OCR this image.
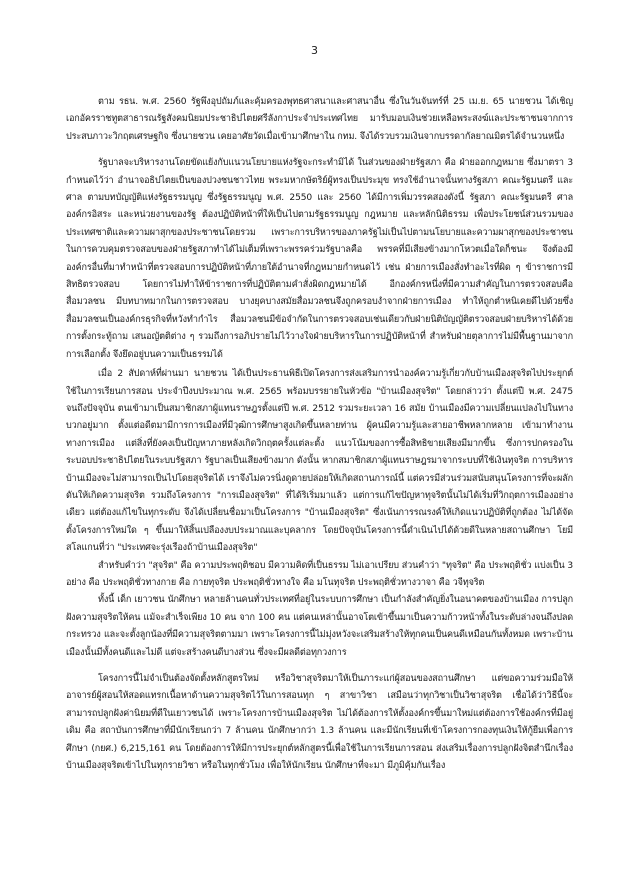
3

ตาม รธน. พ.ศ. 2560 รัฐพึงอุปถัมภ์และคุ้มครองพุทธศาสนาและศาสนาอื่น ซึ่งในวันจันทร์ที่ 25 เม.ย. 65 นายชวน ได้เชิญเอกอัครราชทูตสาธารณรัฐสังคมนิยมประชาธิปไตยศรีลังกาประจำประเทศไทย มารับมอบเงินช่วยเหลือพระสงฆ์และประชาชนจากการประสบภาวะวิกฤตเศรษฐกิจ ซึ่งนายชวน เคยอาศัยวัดเมื่อเข้ามาศึกษาใน กทม. จึงได้รวบรวมเงินจากบรรดากัลยาณมิตรได้จำนวนหนึ่ง

รัฐบาลจะบริหารงานโดยขัดแย้งกับแนวนโยบายแห่งรัฐจะกระทำมิได้ ในส่วนของฝ่ายรัฐสภา คือ ฝ่ายออกกฎหมาย ซึ่งมาตรา 3 กำหนดไว้ว่า อำนาจอธิปไตยเป็นของปวงชนชาวไทย พระมหากษัตริย์ผู้ทรงเป็นประมุข ทรงใช้อำนาจนั้นทางรัฐสภา คณะรัฐมนตรี และศาล ตามบทบัญญัติแห่งรัฐธรรมนูญ ซึ่งรัฐธรรมนูญ พ.ศ. 2550 และ 2560 ได้มีการเพิ่มวรรคสองดังนี้ รัฐสภา คณะรัฐมนตรี ศาล องค์กรอิสระ และหน่วยงานของรัฐ ต้องปฏิบัติหน้าที่ให้เป็นไปตามรัฐธรรมนูญ กฎหมาย และหลักนิติธรรม เพื่อประโยชน์ส่วนรวมของประเทศชาติและความผาสุกของประชาชนโดยรวม เพราะการบริหารของภาครัฐไม่เป็นไปตามนโยบายและความผาสุกของประชาชน ในการควบคุมตรวจสอบของฝ่ายรัฐสภาทำได้ไม่เต็มที่เพราะพรรคร่วมรัฐบาลคือ พรรคที่มีเสียงข้างมากโหวตเมื่อใดก็ชนะ จึงต้องมีองค์กรอื่นที่มาทำหน้าที่ตรวจสอบการปฏิบัติหน้าที่ภายใต้อำนาจที่กฎหมายกำหนดไว้ เช่น ฝ่ายการเมืองสั่งทำอะไรที่ผิด ๆ ข้าราชการมีสิทธิตรวจสอบ โดยการไม่ทำให้ข้าราชการที่ปฏิบัติตามคำสั่งผิดกฎหมายได้ อีกองค์กรหนึ่งที่มีความสำคัญในการตรวจสอบคือ สื่อมวลชน มีบทบาทมากในการตรวจสอบ บางยุคบางสมัยสื่อมวลชนจึงถูกครอบงำจากฝ่ายการเมือง ทำให้ถูกตำหนิเคยดีไปด้วยซึ่งสื่อมวลชนเป็นองค์กรธุรกิจที่หวังทำกำไร สื่อมวลชนมีข้อจำกัดในการตรวจสอบเช่นเดียวกับฝ่ายนิติบัญญัติตรวจสอบฝ่ายบริหารได้ด้วยการตั้งกระทู้ถาม เสนอญัตติต่าง ๆ รวมถึงการอภิปรายไม่ไว้วางใจฝ่ายบริหารในการปฏิบัติหน้าที่ สำหรับฝ่ายตุลาการไม่มีพื้นฐานมาจากการเลือกตั้ง จึงยึดอยู่บนความเป็นธรรมได้

เมื่อ 2 สัปดาห์ที่ผ่านมา นายชวน ได้เป็นประธานพิธีเปิดโครงการส่งเสริมการนำองค์ความรู้เกี่ยวกับบ้านเมืองสุจริตไปประยุกต์ใช้ในการเรียนการสอน ประจำปีงบประมาณ พ.ศ. 2565 พร้อมบรรยายในหัวข้อ "บ้านเมืองสุจริต" โดยกล่าวว่า ตั้งแต่ปี พ.ศ. 2475 จนถึงปัจจุบัน ตนเข้ามาเป็นสมาชิกสภาผู้แทนราษฎรตั้งแต่ปี พ.ศ. 2512 รวมระยะเวลา 16 สมัย บ้านเมืองมีความเปลี่ยนแปลงไปในทางบวกอยู่มาก ตั้งแต่อดีตมามีการการเมืองที่มีวุฒิการศึกษาสูงเกิดขึ้นหลายท่าน ผู้คนมีความรู้และสายอาชีพหลากหลาย เข้ามาทำงานทางการเมือง แต่สิ่งที่ยังคงเป็นปัญหาภายหลังเกิดวิกฤตครั้งแต่ละตั้ง แนวโน้มของการซื้อสิทธิขายเสียงมีมากขึ้น ซึ่งการปกครองในระบอบประชาธิปไตยในระบบรัฐสภา รัฐบาลเป็นเสียงข้างมาก ดังนั้น หากสมาชิกสภาผู้แทนราษฎรมาจากระบบที่ใช้เงินทุจริต การบริหารบ้านเมืองจะไม่สามารถเป็นไปโดยสุจริตได้ เราจึงไม่ควรนิ่งดูดายปล่อยให้เกิดสถานการณ์นี้ แต่ควรมีส่วนร่วมสนับสนุนโครงการที่จะผลักดันให้เกิดความสุจริต รวมถึงโครงการ "การเมืองสุจริต" ที่ได้ริเริ่มมาแล้ว แต่การแก้ไขปัญหาทุจริตนั้นไม่ได้เริ่มที่วิกฤตการเมืองอย่างเดียว แต่ต้องแก้ไขในทุกระดับ จึงได้เปลี่ยนชื่อมาเป็นโครงการ "บ้านเมืองสุจริต" ซึ่งเน้นการรณรงค์ให้เกิดแนวปฏิบัติที่ถูกต้อง ไม่ได้จัดตั้งโครงการใหม่ใด ๆ ขึ้นมาให้สิ้นเปลืองงบประมาณและบุคลากร โดยปัจจุบันโครงการนี้ดำเนินไปได้ด้วยดีในหลายสถานศึกษา โยมีสโลแกนที่ว่า "ประเทศจะรุ่งเรืองถ้าบ้านเมืองสุจริต"

สำหรับคำว่า "สุจริต" คือ ความประพฤติชอบ มีความคิดที่เป็นธรรม ไม่เอาเปรียบ ส่วนคำว่า "ทุจริต" คือ ประพฤติชั่ว แบ่งเป็น 3 อย่าง คือ ประพฤติชั่วทางกาย คือ กายทุจริต ประพฤติชั่วทางใจ คือ มโนทุจริต ประพฤติชั่วทางวาจา คือ วจีทุจริต

ทั้งนี้ เด็ก เยาวชน นักศึกษา หลายล้านคนทั่วประเทศที่อยู่ในระบบการศึกษา เป็นกำลังสำคัญยิ่งในอนาคตของบ้านเมือง การปลูกฝังความสุจริตให้คน แม้จะสำเร็จเพียง 10 คน จาก 100 คน แต่คนเหล่านั้นอาจโตเข้าขึ้นมาเป็นความก้าวหน้าทั้งในระดับล่างจนถึงปลดกระทรวง และจะตั้งลูกน้องที่มีความสุจริตตามมา เพราะโครงการนี้ไม่มุ่งหวังจะเสริมสร้างให้ทุกคนเป็นคนดีเหมือนกันทั้งหมด เพราะบ้านเมืองนั้นมีทั้งคนดีและไม่ดี แต่จะสร้างคนดีบางส่วน ซึ่งจะมีผลดีต่อทุกวงการ

โครงการนี้ไม่จำเป็นต้องจัดตั้งหลักสูตรใหม่ หรือวิชาสุจริตมาให้เป็นภาระแก่ผู้สอนของสถานศึกษา แต่ขอความร่วมมือให้อาจารย์ผู้สอนให้สอดแทรกเนื้อหาด้านความสุจริตไว้ในการสอนทุก ๆ สาขาวิชา เสมือนว่าทุกวิชาเป็นวิชาสุจริต เชื่อได้ว่าวิธีนี้จะสามารถปลูกฝังค่านิยมที่ดีในเยาวชนได้ เพราะโครงการบ้านเมืองสุจริต ไม่ได้ต้องการให้ตั้งองค์กรขึ้นมาใหม่แต่ต้องการใช้องค์กรที่มีอยู่เดิม คือ สถาบันการศึกษาที่มีนักเรียนกว่า 7 ล้านคน นักศึกษากว่า 1.3 ล้านคน และมีนักเรียนที่เข้าโครงการกองทุนเงินให้กู้ยืมเพื่อการศึกษา (กยศ.) 6,215,161 คน โดยต้องการให้มีการประยุกต์หลักสูตรนี้เพื่อใช้ในการเรียนการสอน ส่งเสริมเรื่องการปลูกฝังจิตสำนึกเรื่องบ้านเมืองสุจริตเข้าไปในทุกรายวิชา หรือในทุกชั่วโมง เพื่อให้นักเรียน นักศึกษาที่จะมา มีภูมิคุ้มกันเรื่อง
